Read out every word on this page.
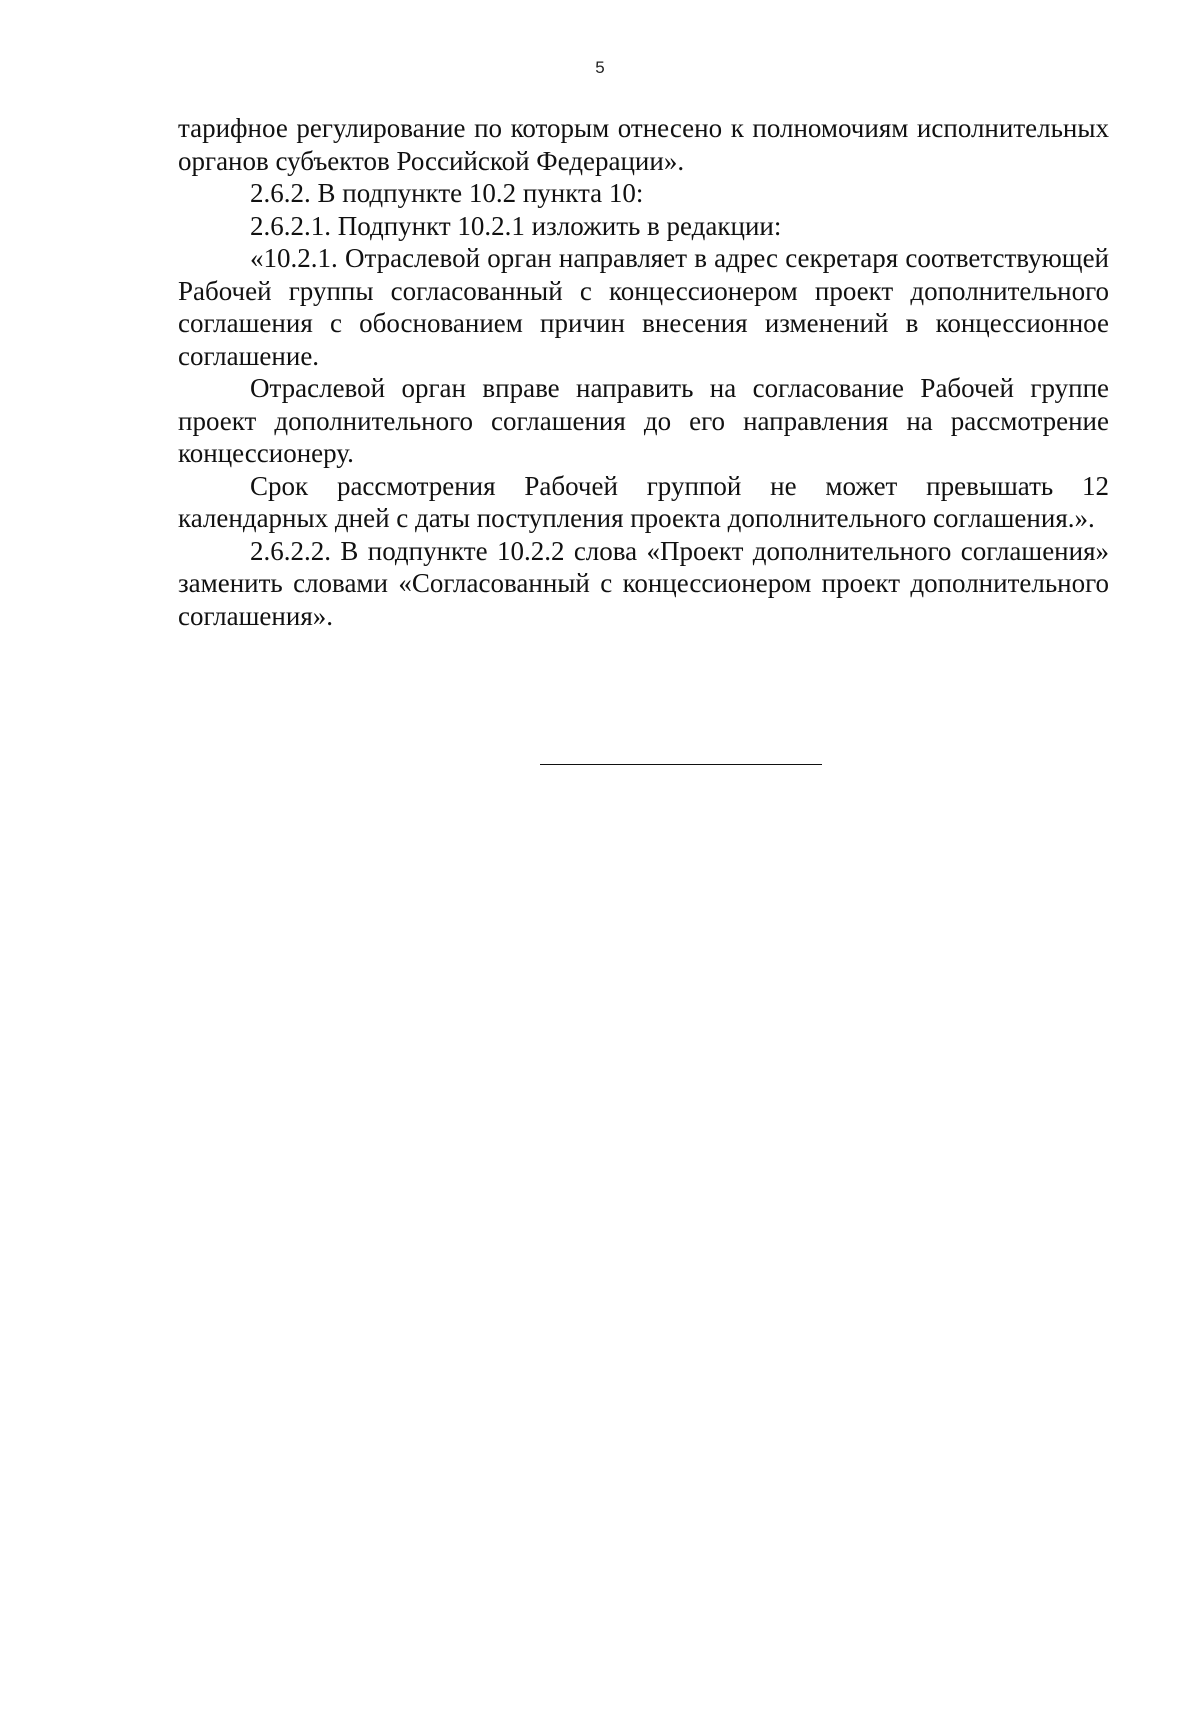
5

тарифное регулирование по которым отнесено к полномочиям исполнительных органов субъектов Российской Федерации».

2.6.2. В подпункте 10.2 пункта 10:

2.6.2.1. Подпункт 10.2.1 изложить в редакции:

«10.2.1. Отраслевой орган направляет в адрес секретаря соответствующей Рабочей группы согласованный с концессионером проект дополнительного соглашения с обоснованием причин внесения изменений в концессионное соглашение.

Отраслевой орган вправе направить на согласование Рабочей группе проект дополнительного соглашения до его направления на рассмотрение концессионеру.

Срок рассмотрения Рабочей группой не может превышать 12 календарных дней с даты поступления проекта дополнительного соглашения.».

2.6.2.2. В подпункте 10.2.2 слова «Проект дополнительного соглашения» заменить словами «Согласованный с концессионером проект дополнительного соглашения».
